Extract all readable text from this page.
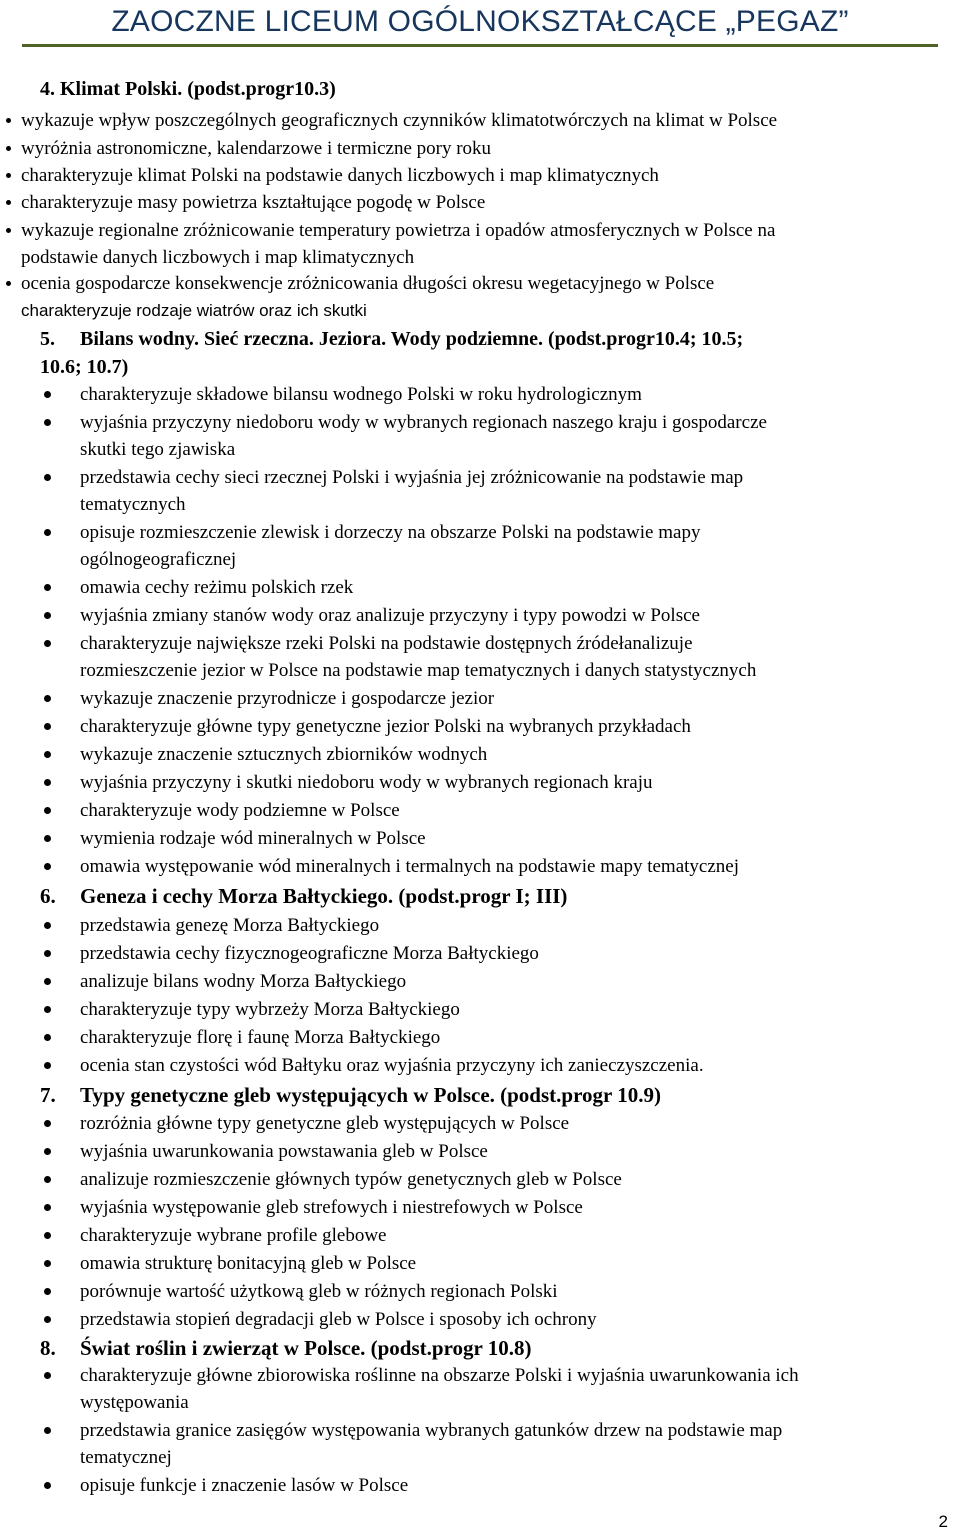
ZAOCZNE LICEUM OGÓLNOKSZTAŁCĄCE „PEGAZ”
4. Klimat Polski. (podst.progr10.3)
wykazuje wpływ poszczególnych geograficznych czynników klimatotwórczych na klimat w Polsce
wyróżnia astronomiczne, kalendarzowe i termiczne pory roku
charakteryzuje klimat Polski na podstawie danych liczbowych i map klimatycznych
charakteryzuje masy powietrza kształtujące pogodę w Polsce
wykazuje regionalne zróżnicowanie temperatury powietrza i opadów atmosferycznych w Polsce na
podstawie danych liczbowych i map klimatycznych
ocenia gospodarcze konsekwencje zróżnicowania długości okresu wegetacyjnego w Polsce
charakteryzuje rodzaje wiatrów oraz ich skutki
5. Bilans wodny. Sieć rzeczna. Jeziora. Wody podziemne. (podst.progr10.4; 10.5;
10.6; 10.7)
charakteryzuje składowe bilansu wodnego Polski w roku hydrologicznym
wyjaśnia przyczyny niedoboru wody w wybranych regionach naszego kraju i gospodarcze
skutki tego zjawiska
przedstawia cechy sieci rzecznej Polski i wyjaśnia jej zróżnicowanie na podstawie map
tematycznych
opisuje rozmieszczenie zlewisk i dorzeczy na obszarze Polski na podstawie mapy
ogólnogeograficznej
omawia cechy reżimu polskich rzek
wyjaśnia zmiany stanów wody oraz analizuje przyczyny i typy powodzi w Polsce
charakteryzuje największe rzeki Polski na podstawie dostępnych źródełanalizuje
rozmieszczenie jezior w Polsce na podstawie map tematycznych i danych statystycznych
wykazuje znaczenie przyrodnicze i gospodarcze jezior
charakteryzuje główne typy genetyczne jezior Polski na wybranych przykładach
wykazuje znaczenie sztucznych zbiorników wodnych
wyjaśnia przyczyny i skutki niedoboru wody w wybranych regionach kraju
charakteryzuje wody podziemne w Polsce
wymienia rodzaje wód mineralnych w Polsce
omawia występowanie wód mineralnych i termalnych na podstawie mapy tematycznej
6. Geneza i cechy Morza Bałtyckiego. (podst.progr I; III)
przedstawia genezę Morza Bałtyckiego
przedstawia cechy fizycznogeograficzne Morza Bałtyckiego
analizuje bilans wodny Morza Bałtyckiego
charakteryzuje typy wybrzeży Morza Bałtyckiego
charakteryzuje florę i faunę Morza Bałtyckiego
ocenia stan czystości wód Bałtyku oraz wyjaśnia przyczyny ich zanieczyszczenia.
7. Typy genetyczne gleb występujących w Polsce. (podst.progr 10.9)
rozróżnia główne typy genetyczne gleb występujących w Polsce
wyjaśnia uwarunkowania powstawania gleb w Polsce
analizuje rozmieszczenie głównych typów genetycznych gleb w Polsce
wyjaśnia występowanie gleb strefowych i niestrefowych w Polsce
charakteryzuje wybrane profile glebowe
omawia strukturę bonitacyjną gleb w Polsce
porównuje wartość użytkową gleb w różnych regionach Polski
przedstawia stopień degradacji gleb w Polsce i sposoby ich ochrony
8. Świat roślin i zwierząt w Polsce. (podst.progr 10.8)
charakteryzuje główne zbiorowiska roślinne na obszarze Polski i wyjaśnia uwarunkowania ich
występowania
przedstawia granice zasięgów występowania wybranych gatunków drzew na podstawie map
tematycznej
opisuje funkcje i znaczenie lasów w Polsce
2
